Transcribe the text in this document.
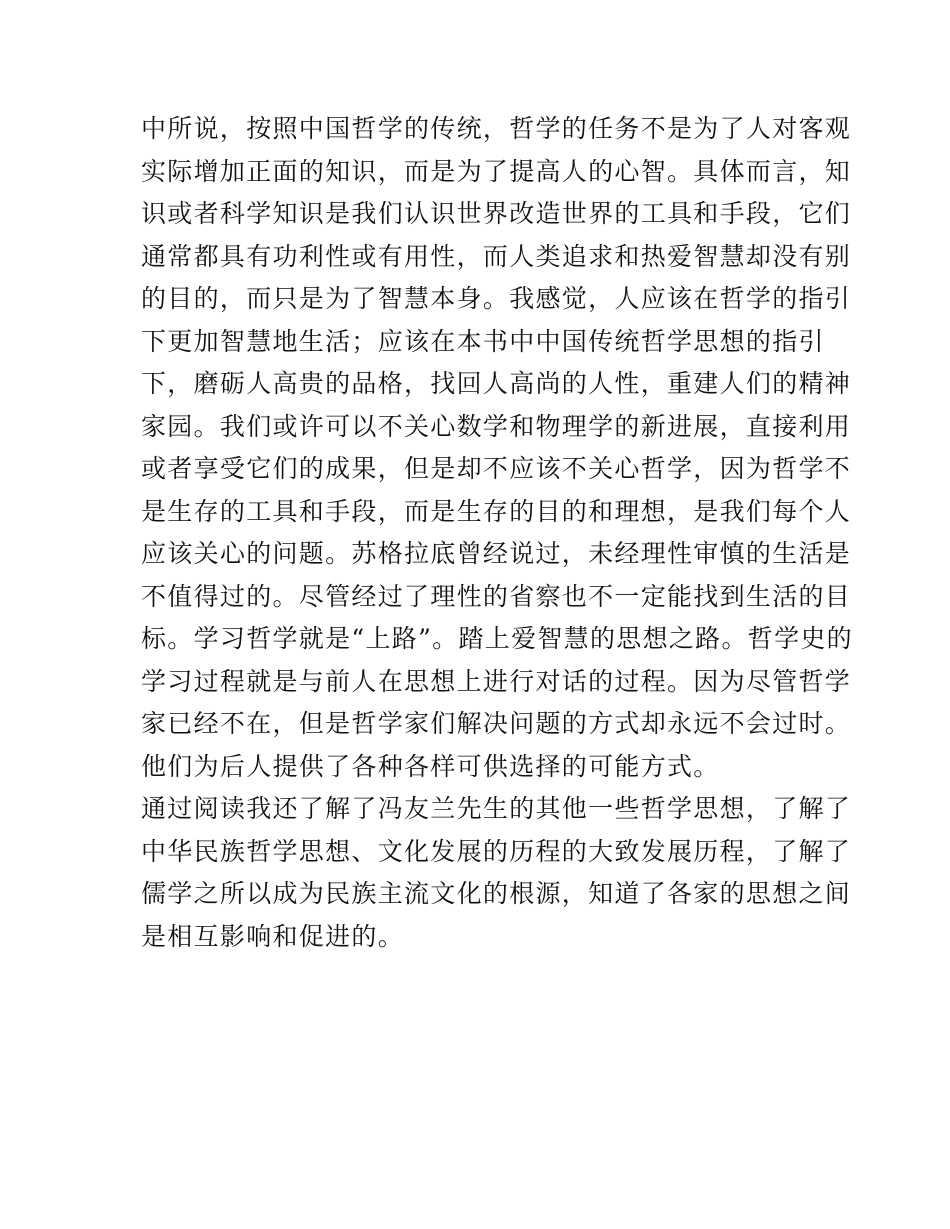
中所说，按照中国哲学的传统，哲学的任务不是为了人对客观
实际增加正面的知识，而是为了提高人的心智。具体而言，知
识或者科学知识是我们认识世界改造世界的工具和手段，它们
通常都具有功利性或有用性，而人类追求和热爱智慧却没有别
的目的，而只是为了智慧本身。我感觉，人应该在哲学的指引
下更加智慧地生活；应该在本书中中国传统哲学思想的指引
下，磨砺人高贵的品格，找回人高尚的人性，重建人们的精神
家园。我们或许可以不关心数学和物理学的新进展，直接利用
或者享受它们的成果，但是却不应该不关心哲学，因为哲学不
是生存的工具和手段，而是生存的目的和理想，是我们每个人
应该关心的问题。苏格拉底曾经说过，未经理性审慎的生活是
不值得过的。尽管经过了理性的省察也不一定能找到生活的目
标。学习哲学就是“上路”。踏上爱智慧的思想之路。哲学史的
学习过程就是与前人在思想上进行对话的过程。因为尽管哲学
家已经不在，但是哲学家们解决问题的方式却永远不会过时。
他们为后人提供了各种各样可供选择的可能方式。
通过阅读我还了解了冯友兰先生的其他一些哲学思想，了解了
中华民族哲学思想、文化发展的历程的大致发展历程，了解了
儒学之所以成为民族主流文化的根源，知道了各家的思想之间
是相互影响和促进的。
